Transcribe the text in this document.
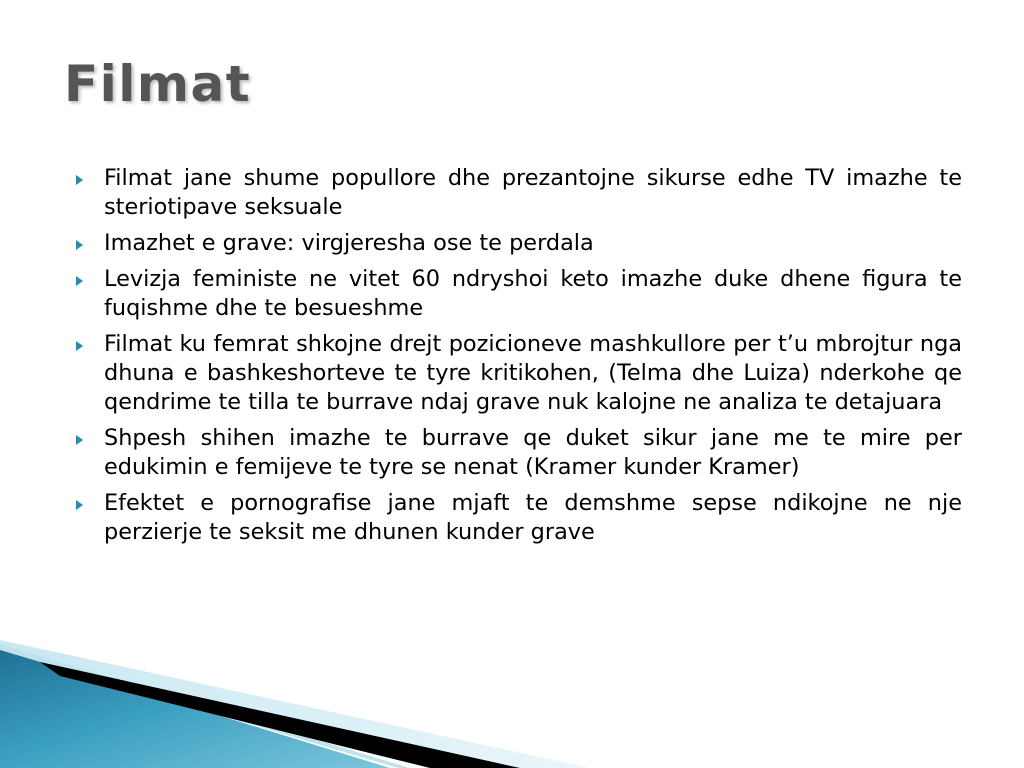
Filmat
Filmat jane shume popullore dhe prezantojne sikurse edhe TV imazhe te steriotipave seksuale
Imazhet e grave: virgjeresha ose te perdala
Levizja feministe ne vitet 60 ndryshoi keto imazhe duke dhene figura te fuqishme dhe te besueshme
Filmat ku femrat shkojne drejt pozicioneve mashkullore per t’u mbrojtur nga dhuna e bashkeshorteve te tyre kritikohen, (Telma dhe Luiza) nderkohe qe qendrime te tilla te burrave ndaj grave nuk kalojne ne analiza te detajuara
Shpesh shihen imazhe te burrave qe duket sikur jane me te mire per edukimin e femijeve te tyre se nenat (Kramer kunder Kramer)
Efektet e pornografise jane mjaft te demshme sepse ndikojne ne nje perzierje te seksit me dhunen kunder grave
